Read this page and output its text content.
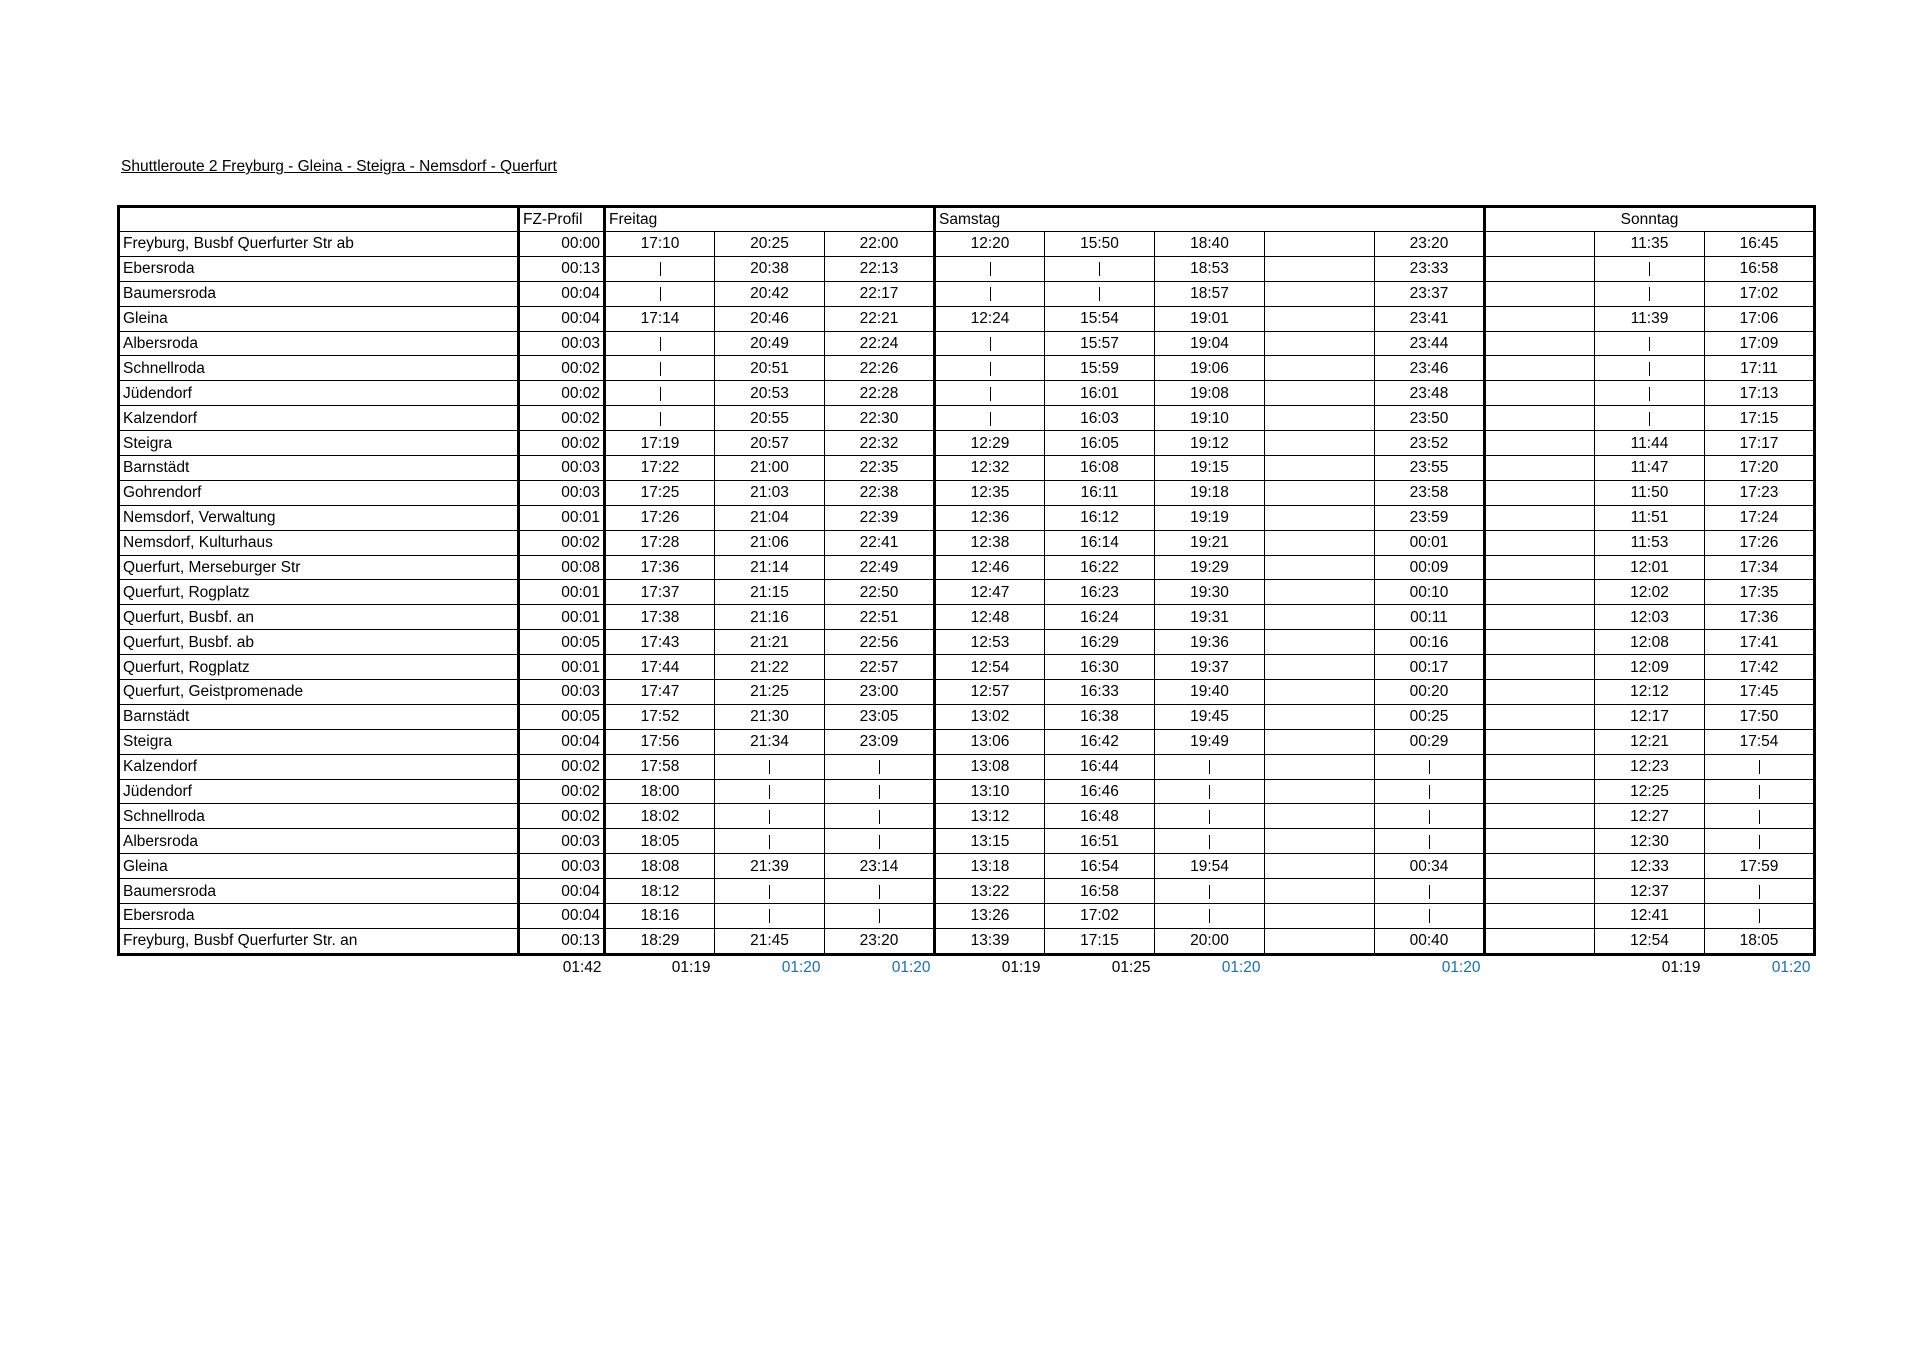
Shuttleroute 2 Freyburg - Gleina - Steigra - Nemsdorf - Querfurt
	FZ-Profil	Freitag			Samstag					Sonntag		
Freyburg, Busbf Querfurter Str ab	00:00	17:10	20:25	22:00	12:20	15:50	18:40		23:20		11:35	16:45
Ebersroda	00:13		20:38	22:13			18:53		23:33			16:58
Baumersroda	00:04		20:42	22:17			18:57		23:37			17:02
Gleina	00:04	17:14	20:46	22:21	12:24	15:54	19:01		23:41		11:39	17:06
Albersroda	00:03		20:49	22:24		15:57	19:04		23:44			17:09
Schnellroda	00:02		20:51	22:26		15:59	19:06		23:46			17:11
Jüdendorf	00:02		20:53	22:28		16:01	19:08		23:48			17:13
Kalzendorf	00:02		20:55	22:30		16:03	19:10		23:50			17:15
Steigra	00:02	17:19	20:57	22:32	12:29	16:05	19:12		23:52		11:44	17:17
Barnstädt	00:03	17:22	21:00	22:35	12:32	16:08	19:15		23:55		11:47	17:20
Gohrendorf	00:03	17:25	21:03	22:38	12:35	16:11	19:18		23:58		11:50	17:23
Nemsdorf, Verwaltung	00:01	17:26	21:04	22:39	12:36	16:12	19:19		23:59		11:51	17:24
Nemsdorf, Kulturhaus	00:02	17:28	21:06	22:41	12:38	16:14	19:21		00:01		11:53	17:26
Querfurt, Merseburger Str	00:08	17:36	21:14	22:49	12:46	16:22	19:29		00:09		12:01	17:34
Querfurt, Rogplatz	00:01	17:37	21:15	22:50	12:47	16:23	19:30		00:10		12:02	17:35
Querfurt, Busbf. an	00:01	17:38	21:16	22:51	12:48	16:24	19:31		00:11		12:03	17:36
Querfurt, Busbf. ab	00:05	17:43	21:21	22:56	12:53	16:29	19:36		00:16		12:08	17:41
Querfurt, Rogplatz	00:01	17:44	21:22	22:57	12:54	16:30	19:37		00:17		12:09	17:42
Querfurt, Geistpromenade	00:03	17:47	21:25	23:00	12:57	16:33	19:40		00:20		12:12	17:45
Barnstädt	00:05	17:52	21:30	23:05	13:02	16:38	19:45		00:25		12:17	17:50
Steigra	00:04	17:56	21:34	23:09	13:06	16:42	19:49		00:29		12:21	17:54
Kalzendorf	00:02	17:58			13:08	16:44					12:23	
Jüdendorf	00:02	18:00			13:10	16:46					12:25	
Schnellroda	00:02	18:02			13:12	16:48					12:27	
Albersroda	00:03	18:05			13:15	16:51					12:30	
Gleina	00:03	18:08	21:39	23:14	13:18	16:54	19:54		00:34		12:33	17:59
Baumersroda	00:04	18:12			13:22	16:58					12:37	
Ebersroda	00:04	18:16			13:26	17:02					12:41	
Freyburg, Busbf Querfurter Str. an	00:13	18:29	21:45	23:20	13:39	17:15	20:00		00:40		12:54	18:05
	01:42	01:19	01:20	01:20	01:19	01:25	01:20		01:20		01:19	01:20
